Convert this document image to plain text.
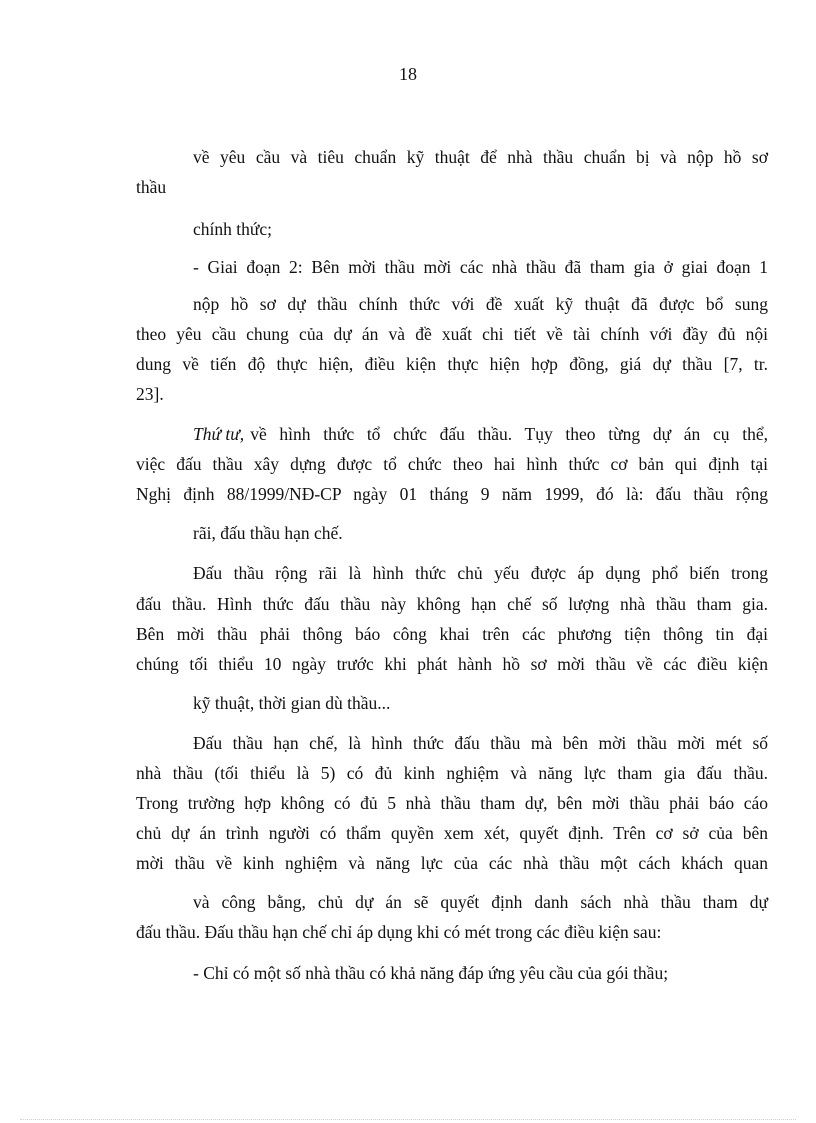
18
về yêu cầu và tiêu chuẩn kỹ thuật để nhà thầu chuẩn bị và nộp hồ sơ
thầu
chính thức;
- Giai đoạn 2: Bên mời thầu mời các nhà thầu đã tham gia ở giai đoạn 1
nộp hồ sơ dự thầu chính thức với đề xuất kỹ thuật đã được bổ sung
theo yêu cầu chung của dự án và đề xuất chi tiết về tài chính với đầy đủ nội
dung về tiến độ thực hiện, điều kiện thực hiện hợp đồng, giá dự thầu [7, tr.
23].
Thứ tư, về hình thức tổ chức đấu thầu. Tụy theo từng dự án cụ thể,
việc đấu thầu xây dựng được tổ chức theo hai hình thức cơ bản qui định tại
Nghị định 88/1999/NĐ-CP ngày 01 tháng 9 năm 1999, đó là: đấu thầu rộng
rãi, đấu thầu hạn chế.
Đấu thầu rộng rãi là hình thức chủ yếu được áp dụng phổ biến trong
đấu thầu. Hình thức đấu thầu này không hạn chế số lượng nhà thầu tham gia.
Bên mời thầu phải thông báo công khai trên các phương tiện thông tin đại
chúng tối thiểu 10 ngày trước khi phát hành hồ sơ mời thầu về các điều kiện
kỹ thuật, thời gian dù thầu...
Đấu thầu hạn chế, là hình thức đấu thầu mà bên mời thầu mời mét số
nhà thầu (tối thiểu là 5) có đủ kinh nghiệm và năng lực tham gia đấu thầu.
Trong trường hợp không có đủ 5 nhà thầu tham dự, bên mời thầu phải báo cáo
chủ dự án trình người có thẩm quyền xem xét, quyết định. Trên cơ sở của bên
mời thầu về kinh nghiệm và năng lực của các nhà thầu một cách khách quan
và công bằng, chủ dự án sẽ quyết định danh sách nhà thầu tham dự
đấu thầu. Đấu thầu hạn chế chỉ áp dụng khi có mét trong các điều kiện sau:
- Chỉ có một số nhà thầu có khả năng đáp ứng yêu cầu của gói thầu;
